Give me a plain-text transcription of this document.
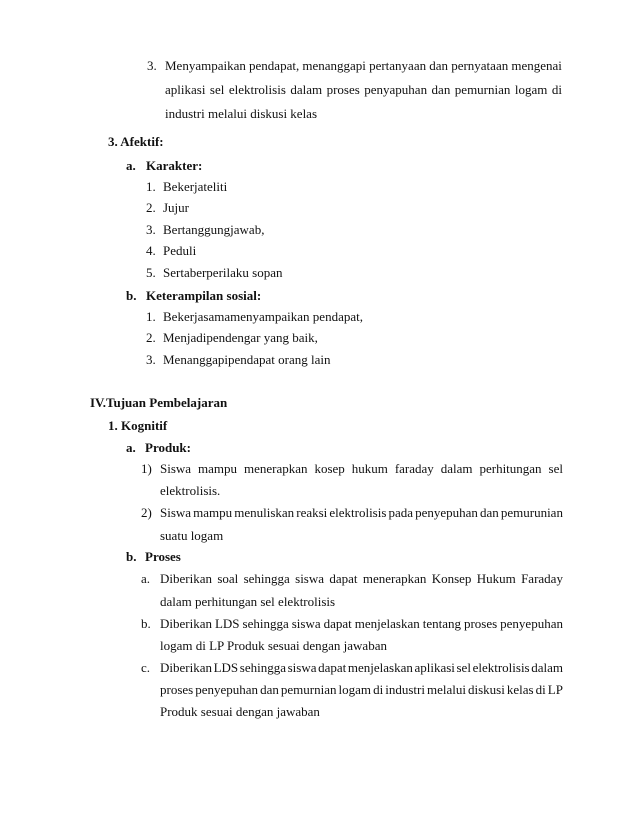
3. Menyampaikan pendapat, menanggapi pertanyaan dan pernyataan mengenai
aplikasi sel elektrolisis dalam proses penyapuhan dan pemurnian logam di
industri melalui diskusi kelas
3. Afektif:
a. Karakter:
1. Bekerjateliti
2. Jujur
3. Bertanggungjawab,
4. Peduli
5. Sertaberperilaku sopan
b. Keterampilan sosial:
1. Bekerjasamamenyampaikan pendapat,
2. Menjadipendengar yang baik,
3. Menanggapipendapat orang lain
IV.Tujuan Pembelajaran
1. Kognitif
a. Produk:
1) Siswa mampu menerapkan kosep hukum faraday dalam perhitungan sel
elektrolisis.
2) Siswa mampu menuliskan reaksi elektrolisis pada penyepuhan dan pemurunian
suatu logam
b. Proses
a. Diberikan soal sehingga siswa dapat menerapkan Konsep Hukum Faraday
dalam perhitungan sel elektrolisis
b. Diberikan LDS sehingga siswa dapat menjelaskan tentang proses penyepuhan
logam di LP Produk sesuai dengan jawaban
c. Diberikan LDS sehingga siswa dapat menjelaskan aplikasi sel elektrolisis dalam
proses penyepuhan dan pemurnian logam di industri melalui diskusi kelas di LP
Produk sesuai dengan jawaban
